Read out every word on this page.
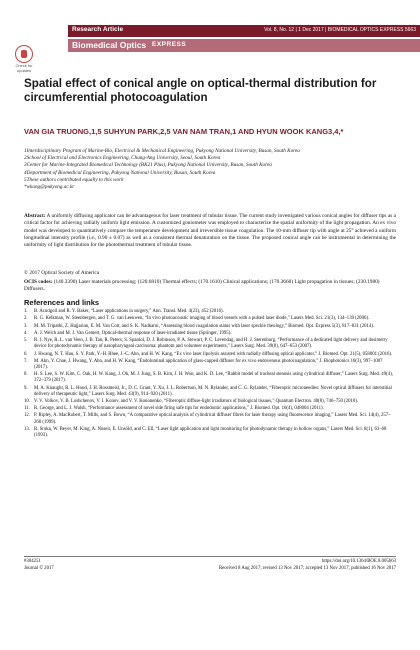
Research Article	Vol. 8, No. 12 | 1 Dec 2017 | BIOMEDICAL OPTICS EXPRESS 5663
Biomedical Optics EXPRESS
Check for updates
Spatial effect of conical angle on optical-thermal distribution for circumferential photocoagulation
VAN GIA TRUONG,1,5 SUHYUN PARK,2,5 VAN NAM TRAN,1 AND HYUN WOOK KANG3,4,*

1Interdisciplinary Program of Marine-Bio, Electrical & Mechanical Engineering, Pukyong National University, Busan, South Korea

2School of Electrical and Electronics Engineering, Chung-Ang University, Seoul, South Korea

3Center for Marine-Integrated Biomedical Technology (BK21 Plus), Pukyong National University, Busan, South Korea

4Department of Biomedical Engineering, Pukyong National University, Busan, South Korea

5These authors contributed equally to this work

*wkang@pukyong.ac.kr

Abstract: A uniformly diffusing applicator can be advantageous for laser treatment of tubular tissue. The current study investigated various conical angles for diffuser tips as a critical factor for achieving radially uniform light emission. A customized goniometer was employed to characterize the spatial uniformity of the light propagation. An ex vivo model was developed to quantitatively compare the temperature development and irreversible tissue coagulation. The 10-mm diffuser tip with angle at 25° achieved a uniform longitudinal intensity profile (i.e., 0.90 ± 0.07) as well as a consistent thermal denaturation on the tissue. The proposed conical angle can be instrumental in determining the uniformity of light distribution for the photothermal treatment of tubular tissue.
© 2017 Optical Society of America
OCIS codes: (140.3390) Laser materials processing; (120.6810) Thermal effects; (170.1610) Clinical applications; (170.3660) Light propagation in tissues; (230.1980) Diffusers.
References and links
1.	B. Acudgoil and R. Y. Baker, “Laser applications in surgery,” Ann. Transl. Med. 4(23), 452 (2016).
2.	R. G. Kelkman, W. Steenbergen, and T. G. van Leeuwen, “In vivo photoacoustic imaging of blood vessels with a pulsed laser diode,” Lasers Med. Sci. 21(3), 134–139 (2006).
3.	M. M. Tripathi, Z. Hajjarian, E. M. Van Cott, and S. K. Nadkarni, “Assessing blood coagulation status with laser speckle rheology,” Biomed. Opt. Express 5(3), 817–831 (2014).
4.	A. J. Welch and M. J. Van Gemert, Optical-thermal response of laser-irradiated tissue (Springer, 1995).
5.	R. J. Nye, R. L. van Veen, J. B. Tan, R. Peters, S. Spaniol, D. J. Robinson, P. A. Stewart, P. C. Levendag, and H. J. Sterenborg, “Performance of a dedicated light delivery and dosimetry device for photodynamic therapy of nasopharyngeal carcinoma: phantom and volunteer experiments,” Lasers Surg. Med. 39(8), 647–653 (2007).
6.	J. Hwang, N. T. Hau, S. Y. Park, Y.-H. Rhee, J.-C. Ahn, and H. W. Kang, “Ex vivo laser lipolysis assisted with radially diffusing optical applicator,” J. Biomed. Opt. 21(5), 058001 (2016).
7.	M. Ahn, Y. Chae, J. Hwang, Y. Ahn, and H. W. Kang, “Endoluminal application of glass-capped diffuser for ex vivo endovenous photocoagulation,” J. Biophotonics 10(3), 997–1007 (2017).
8.	H. S. Lee, S. W. Kim, C. Oak, H. W. Kang, J. Oh, M. J. Jung, S. B. Kim, J. H. Won, and K. D. Lee, “Rabbit model of tracheal stenosis using cylindrical diffuser,” Lasers Surg. Med. 49(4), 372–379 (2017).
9.	M. A. Knaught, R. L. Hood, J. H. Rossmeisl, Jr., D. C. Grant, Y. Xu, J. L. Robertson, M. N. Rylander, and C. G. Rylander, “Fiberoptic microneedles: Novel optical diffusers for interstitial delivery of therapeutic light,” Lasers Surg. Med. 43(9), 914–920 (2011).
10. V. V. Volkov, V. B. Loshchenov, V. I. Konov, and V. V. Kononenko, “Fiberoptic diffuse-light irradiators of biological tissues,” Quantum Electron. 40(8), 746–750 (2010).
11. R. George, and L. J. Walsh, “Performance assessment of novel side firing safe tips for endodontic applications,” J. Biomed. Opt. 16(4), 048004 (2011).
12. P. Ripley, A. MacRobert, T. Mills, and S. Bown, “A comparative optical analysis of cylindrical diffuser fibres for laser therapy using fluorescence imaging,” Lasers Med. Sci. 14(4), 257–268 (1999).
13. R. Sroka, W. Beyer, M. King, A. Nuseir, E. Unsöld, and C. Ell, “Laser light application and light monitoring for photodynamic therapy in hollow organs,” Lasers Med. Sci. 8(1), 63–68 (1993).
#304251	https://doi.org/10.1364/BOE.8.005663
Journal © 2017	Received 8 Aug 2017; revised 13 Nov 2017; accepted 13 Nov 2017; published 16 Nov 2017
